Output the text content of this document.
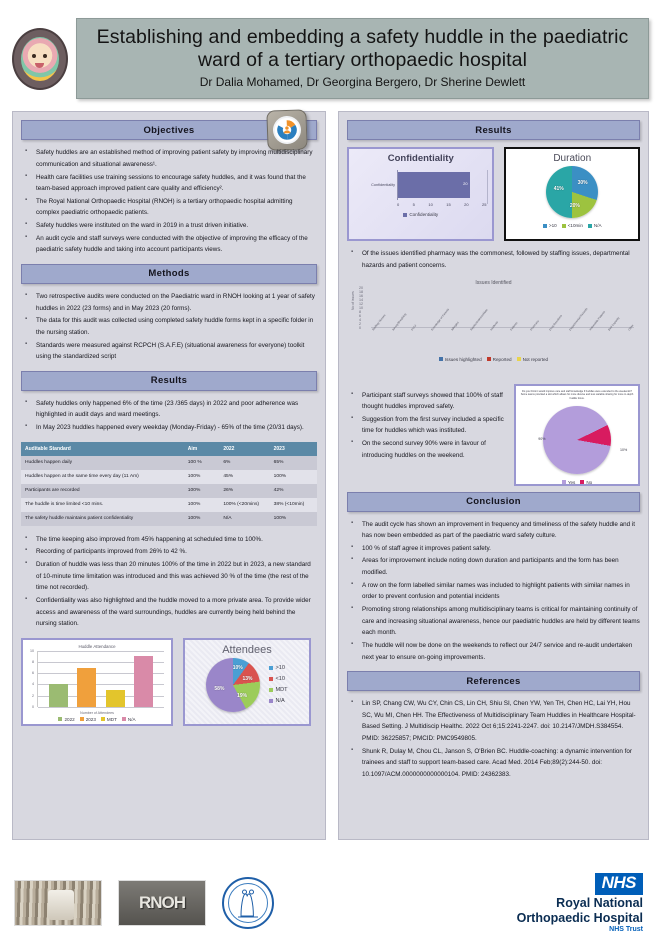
Establishing and embedding a safety huddle in the paediatric ward of a tertiary orthopaedic hospital
Dr Dalia Mohamed, Dr Georgina Bergero, Dr Sherine Dewlett
Objectives
▪ Safety huddles are an established method of improving patient safety by improving multidisciplinary communication and situational awareness¹.
▪ Health care facilities use training sessions to encourage safety huddles, and it was found that the team-based approach improved patient care quality and efficiency².
▪ The Royal National Orthopaedic Hospital (RNOH) is a tertiary orthopaedic hospital admitting complex paediatric orthopaedic patients.
▪ Safety huddles were instituted on the ward in 2019 in a trust driven initiative.
▪ An audit cycle and staff surveys were conducted with the objective of improving the efficacy of the paediatric safety huddle and taking into account participants views.
Methods
▪ Two retrospective audits were conducted on the Paediatric ward in RNOH looking at 1 year of safety huddles in 2022 (23 forms) and in May 2023 (20 forms).
▪ The data for this audit was collected using completed safety huddle forms kept in a specific folder in the nursing station.
▪ Standards were measured against RCPCH (S.A.F.E) (situational awareness for everyone) toolkit using the standardized script
Results
▪ Safety huddles only happened 6% of the time (23 /365 days) in 2022 and poor adherence was highlighted in audit days and ward meetings.
▪ In May 2023 huddles happened every weekday (Monday-Friday) - 65% of the time (20/31 days).
Auditable Standard	Aim	2022	2023
Huddles happen daily	100 %	6%	65%
Huddles happen at the same time every day (11 Am)	100%	45%	100%
Participants are recorded	100%	26%	42%
The huddle is time limited <10 mins.	100%	100% (<20mins)	38% (<10min)
The safety huddle maintains patient confidentiality	100%	N/A	100%
▪ The time keeping also improved from 45% happening at scheduled time to 100%.
▪ Recording of participants improved from 26% to 42 %.
▪ Duration of huddle was less than 20 minutes 100% of the time in 2022 but in 2023, a new standard of 10-minute time limitation was introduced and this was achieved 30 % of the time (the rest of the time not recorded).
▪ Confidentiality was also highlighted and the huddle moved to a more private area. To provide wider access and awareness of the ward surroundings, huddles are currently being held behind the nursing station.
Huddle Attendance
10
8
6
4
2
0
Number of Attendees
2022 2023 MDT N/A
Attendees
10%
13%
19%
58%
>10
<10
MDT
N/A
Results
Confidentiality
Confidentiality	20
0	5	10	15	20	25
Confidentiality
Duration
30%
20%
41%
>10 <10min N/A
▪ Of the issues identified pharmacy was the commonest, followed by staffing issues, departmental hazards and patient concerns.
Issues Identified
No of issues
20
18
16
14
12
10
8
6
4
2
0	Staffing/ Nurses	Airway/Breathing	PICU	Knowledge of Parents Allergies	Sepsis/Antimicrobials Incidents	Patients	Pharmacy	Drug Reactions	Departmental Hazards Vulnerable Patients Bed Capacity	Other
Issues highlighted Reported Not reported
▪ Participant staff surveys showed that 100% of staff thought huddles improved safety.
▪ Suggestion from the first survey included a specific time for huddles which was instituted.
▪ On the second survey 90% were in favour of introducing huddles on the weekend.
Do you think it would improve care and staff knowledge if huddles were extended to the weekends? Some teams provided a slot which allows for more diverse and less variable sharing for more in-depth huddle focus.
90%
10%
Yes No
Conclusion
▪ The audit cycle has shown an improvement in frequency and timeliness of the safety huddle and it has now been embedded as part of the paediatric ward safety culture.
▪ 100 % of staff agree it improves patient safety.
▪ Areas for improvement include noting down duration and participants and the form has been modified.
▪ A row on the form labelled similar names was included to highlight patients with similar names in order to prevent confusion and potential incidents
▪ Promoting strong relationships among multidisciplinary teams is critical for maintaining continuity of care and increasing situational awareness, hence our paediatric huddles are held by different teams each month.
▪ The huddle will now be done on the weekends to reflect our 24/7 service and re-audit undertaken next year to ensure on-going improvements.
References
▪ Lin SP, Chang CW, Wu CY, Chin CS, Lin CH, Shiu SI, Chen YW, Yen TH, Chen HC, Lai YH, Hou SC, Wu MI, Chen HH. The Effectiveness of Multidisciplinary Team Huddles in Healthcare Hospital-Based Setting. J Multidiscip Healthc. 2022 Oct 6;15:2241-2247. doi: 10.2147/JMDH.S384554. PMID: 36225857; PMCID: PMC9549805.
▪ Shunk R, Dulay M, Chou CL, Janson S, O'Brien BC. Huddle-coaching: a dynamic intervention for trainees and staff to support team-based care. Acad Med. 2014 Feb;89(2):244-50. doi: 10.1097/ACM.0000000000000104. PMID: 24362383.
RNOH
NHS
Royal National
Orthopaedic Hospital
NHS Trust
